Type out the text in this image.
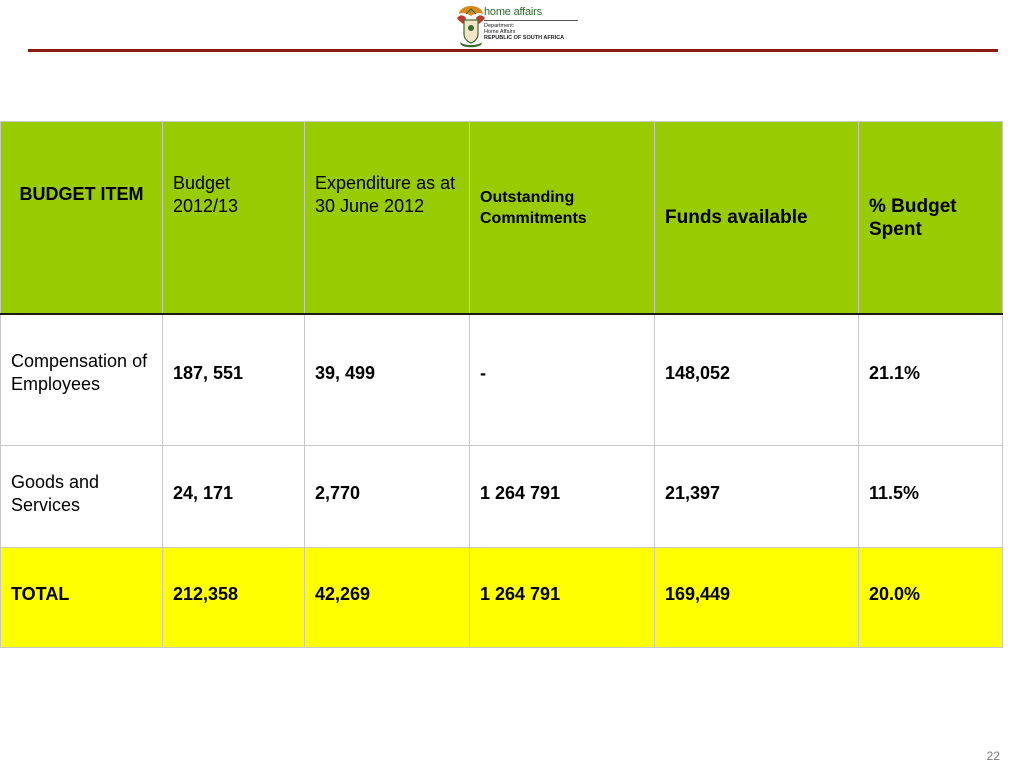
home affairs
Department:
Home Affairs
REPUBLIC OF SOUTH AFRICA
BUDGET ITEM	Budget 2012/13	Expenditure as at 30 June 2012	Outstanding Commitments	Funds available	% Budget Spent
Compensation of Employees	187, 551	39, 499	-	148,052	21.1%
Goods and Services	24, 171	2,770	1 264 791	21,397	11.5%
TOTAL	212,358	42,269	1 264 791	169,449	20.0%
22
